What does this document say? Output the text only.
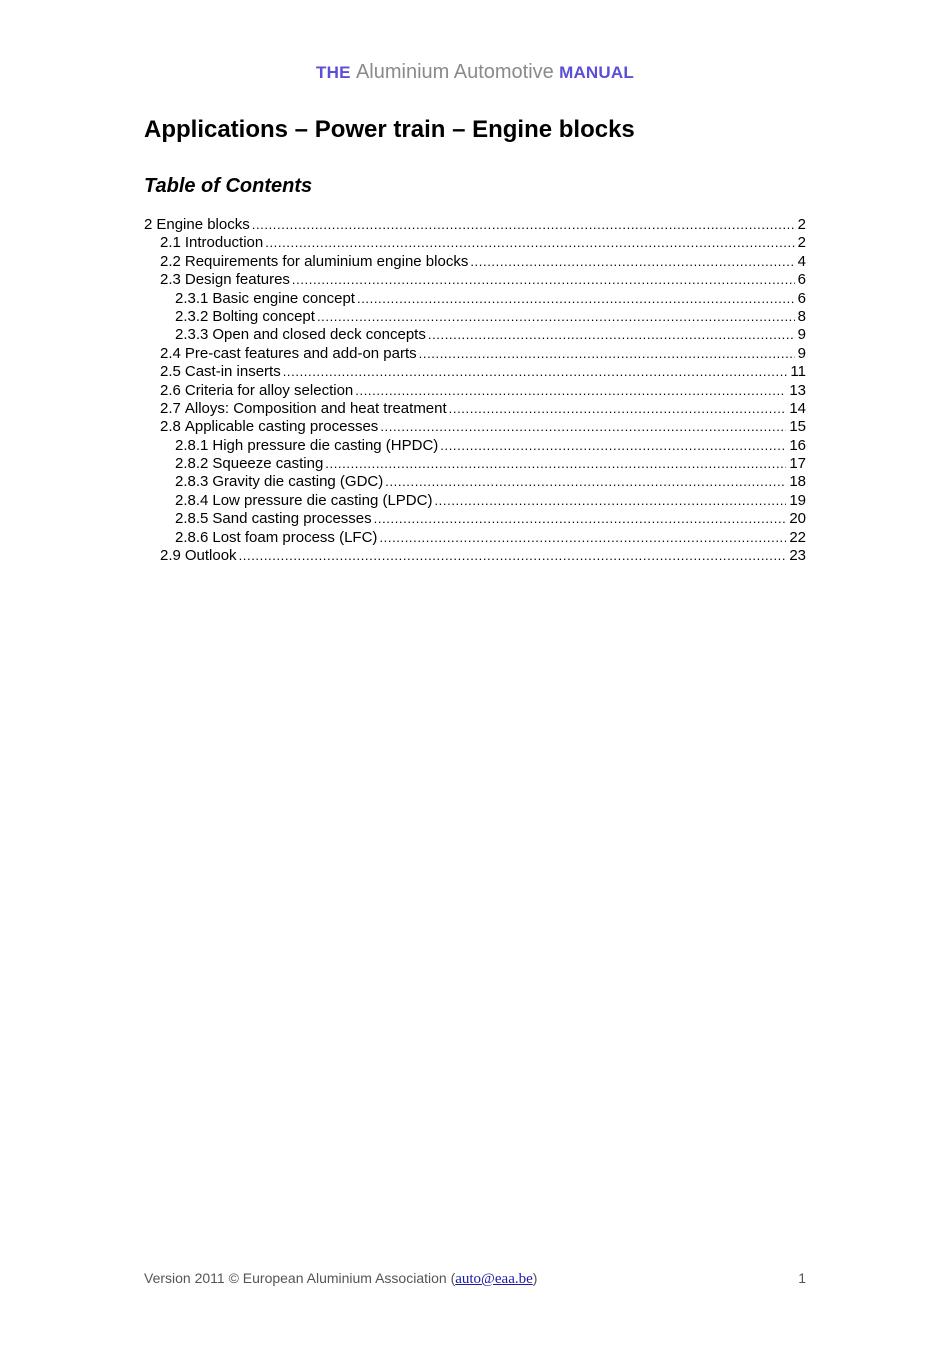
THE Aluminium Automotive MANUAL
Applications – Power train – Engine blocks
Table of Contents
2 Engine blocks .....	2
2.1 Introduction .....	2
2.2 Requirements for aluminium engine blocks .....	4
2.3 Design features .....	6
2.3.1 Basic engine concept .....	6
2.3.2 Bolting concept .....	8
2.3.3 Open and closed deck concepts .....	9
2.4 Pre-cast features and add-on parts .....	9
2.5 Cast-in inserts .....	11
2.6 Criteria for alloy selection .....	13
2.7 Alloys: Composition and heat treatment .....	14
2.8 Applicable casting processes .....	15
2.8.1 High pressure die casting (HPDC) .....	16
2.8.2 Squeeze casting .....	17
2.8.3 Gravity die casting (GDC) .....	18
2.8.4 Low pressure die casting (LPDC) .....	19
2.8.5 Sand casting processes .....	20
2.8.6 Lost foam process (LFC) .....	22
2.9 Outlook .....	23
Version 2011 © European Aluminium Association (auto@eaa.be)	1
